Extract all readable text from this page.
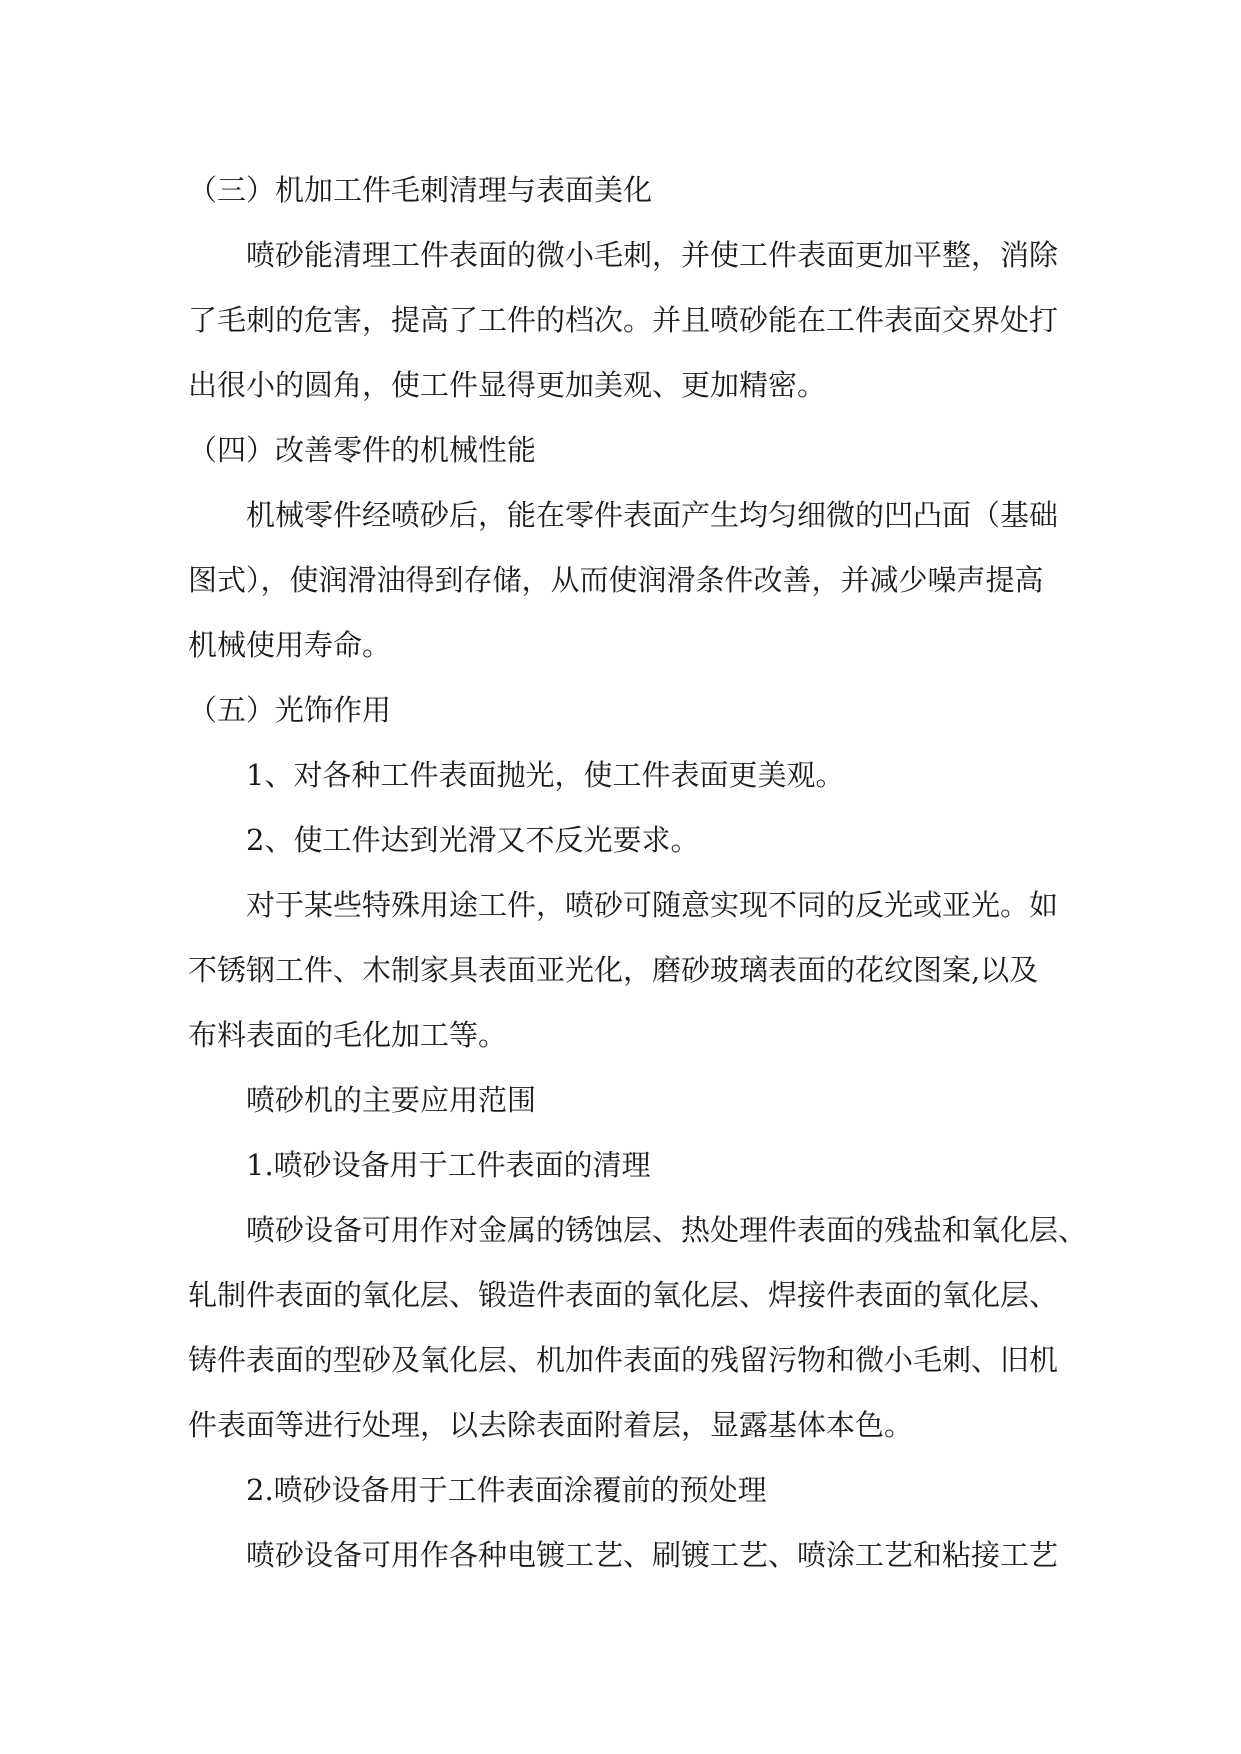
（三）机加工件毛刺清理与表面美化

喷砂能清理工件表面的微小毛刺，并使工件表面更加平整，消除

了毛刺的危害，提高了工件的档次。并且喷砂能在工件表面交界处打

出很小的圆角，使工件显得更加美观、更加精密。

（四）改善零件的机械性能

机械零件经喷砂后，能在零件表面产生均匀细微的凹凸面（基础

图式），使润滑油得到存储，从而使润滑条件改善，并减少噪声提高

机械使用寿命。

（五）光饰作用

1、对各种工件表面抛光，使工件表面更美观。

2、使工件达到光滑又不反光要求。

对于某些特殊用途工件，喷砂可随意实现不同的反光或亚光。如

不锈钢工件、木制家具表面亚光化，磨砂玻璃表面的花纹图案,以及

布料表面的毛化加工等。

喷砂机的主要应用范围

1.喷砂设备用于工件表面的清理

喷砂设备可用作对金属的锈蚀层、热处理件表面的残盐和氧化层、

轧制件表面的氧化层、锻造件表面的氧化层、焊接件表面的氧化层、

铸件表面的型砂及氧化层、机加件表面的残留污物和微小毛刺、旧机

件表面等进行处理，以去除表面附着层，显露基体本色。

2.喷砂设备用于工件表面涂覆前的预处理

喷砂设备可用作各种电镀工艺、刷镀工艺、喷涂工艺和粘接工艺
